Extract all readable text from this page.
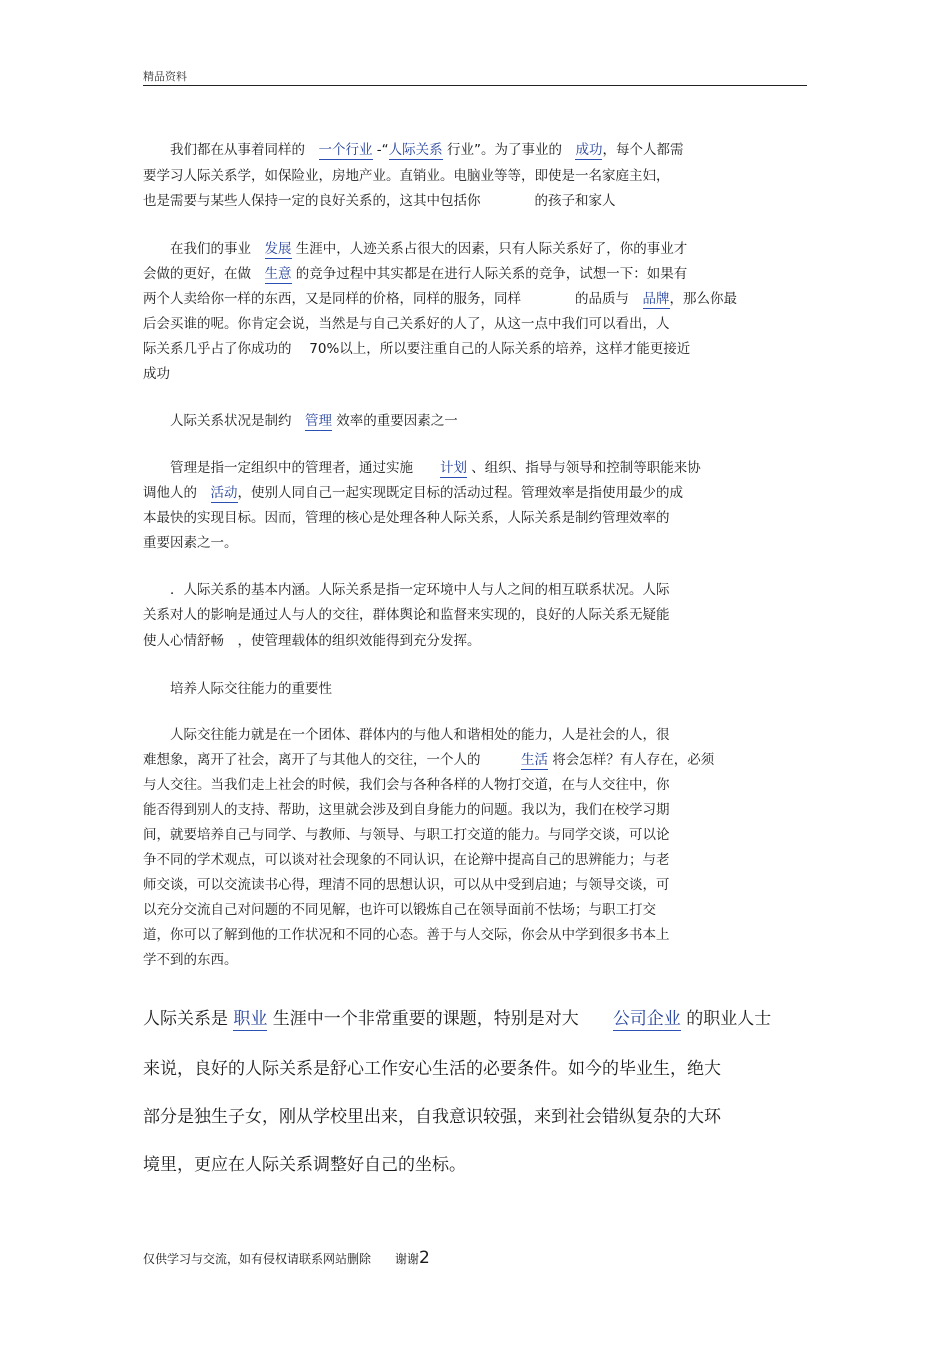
精品资料
　　我们都在从事着同样的　一个行业 -“人际关系 行业”。为了事业的　成功，每个人都需
要学习人际关系学，如保险业，房地产业。直销业。电脑业等等，即使是一名家庭主妇，
也是需要与某些人保持一定的良好关系的，这其中包括你　　　　的孩子和家人
　　在我们的事业　发展 生涯中，人迹关系占很大的因素，只有人际关系好了，你的事业才
会做的更好，在做　生意 的竞争过程中其实都是在进行人际关系的竞争，试想一下：如果有
两个人卖给你一样的东西，又是同样的价格，同样的服务，同样　　　　的品质与　品牌，那么你最
后会买谁的呢。你肯定会说，当然是与自己关系好的人了，从这一点中我们可以看出，人
际关系几乎占了你成功的　 70%以上，所以要注重自己的人际关系的培养，这样才能更接近
成功
　　人际关系状况是制约　管理 效率的重要因素之一
　　管理是指一定组织中的管理者，通过实施　　计划 、组织、指导与领导和控制等职能来协
调他人的　活动，使别人同自己一起实现既定目标的活动过程。管理效率是指使用最少的成
本最快的实现目标。因而，管理的核心是处理各种人际关系，人际关系是制约管理效率的
重要因素之一。
　　．人际关系的基本内涵。人际关系是指一定环境中人与人之间的相互联系状况。人际
关系对人的影响是通过人与人的交往，群体舆论和监督来实现的，良好的人际关系无疑能
使人心情舒畅　，使管理载体的组织效能得到充分发挥。
　　培养人际交往能力的重要性
　　人际交往能力就是在一个团体、群体内的与他人和谐相处的能力，人是社会的人，很
难想象，离开了社会，离开了与其他人的交往，一个人的　　　生活 将会怎样？有人存在，必须
与人交往。当我们走上社会的时候，我们会与各种各样的人物打交道，在与人交往中，你
能否得到别人的支持、帮助，这里就会涉及到自身能力的问题。我以为，我们在校学习期
间，就要培养自己与同学、与教师、与领导、与职工打交道的能力。与同学交谈，可以论
争不同的学术观点，可以谈对社会现象的不同认识，在论辩中提高自己的思辨能力；与老
师交谈，可以交流读书心得，理清不同的思想认识，可以从中受到启迪；与领导交谈，可
以充分交流自己对问题的不同见解，也许可以锻炼自己在领导面前不怯场；与职工打交
道，你可以了解到他的工作状况和不同的心态。善于与人交际，你会从中学到很多书本上
学不到的东西。
人际关系是 职业 生涯中一个非常重要的课题，特别是对大　　公司企业 的职业人士
来说，良好的人际关系是舒心工作安心生活的必要条件。如今的毕业生，绝大
部分是独生子女，刚从学校里出来，自我意识较强，来到社会错纵复杂的大环
境里，更应在人际关系调整好自己的坐标。
仅供学习与交流，如有侵权请联系网站删除　　谢谢2
